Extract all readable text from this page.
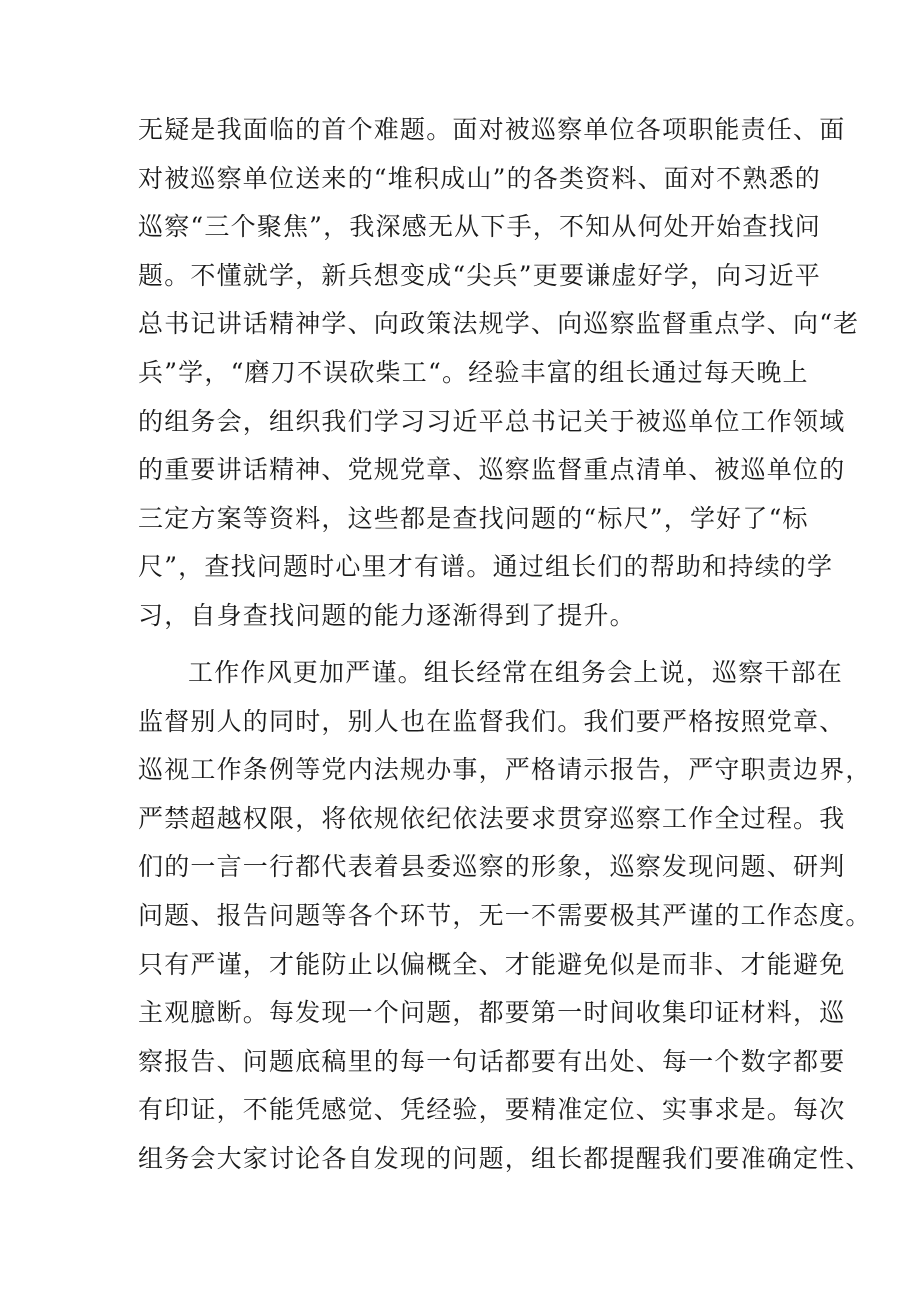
无疑是我面临的首个难题。面对被巡察单位各项职能责任、面
对被巡察单位送来的“堆积成山”的各类资料、面对不熟悉的
巡察“三个聚焦”，我深感无从下手，不知从何处开始查找问
题。不懂就学，新兵想变成“尖兵”更要谦虚好学，向习近平
总书记讲话精神学、向政策法规学、向巡察监督重点学、向“老
兵”学，“磨刀不误砍柴工“。经验丰富的组长通过每天晚上
的组务会，组织我们学习习近平总书记关于被巡单位工作领域
的重要讲话精神、党规党章、巡察监督重点清单、被巡单位的
三定方案等资料，这些都是查找问题的“标尺”，学好了“标
尺”，查找问题时心里才有谱。通过组长们的帮助和持续的学
习，自身查找问题的能力逐渐得到了提升。
工作作风更加严谨。组长经常在组务会上说，巡察干部在
监督别人的同时，别人也在监督我们。我们要严格按照党章、
巡视工作条例等党内法规办事，严格请示报告，严守职责边界，
严禁超越权限，将依规依纪依法要求贯穿巡察工作全过程。我
们的一言一行都代表着县委巡察的形象，巡察发现问题、研判
问题、报告问题等各个环节，无一不需要极其严谨的工作态度。
只有严谨，才能防止以偏概全、才能避免似是而非、才能避免
主观臆断。每发现一个问题，都要第一时间收集印证材料，巡
察报告、问题底稿里的每一句话都要有出处、每一个数字都要
有印证，不能凭感觉、凭经验，要精准定位、实事求是。每次
组务会大家讨论各自发现的问题，组长都提醒我们要准确定性、
